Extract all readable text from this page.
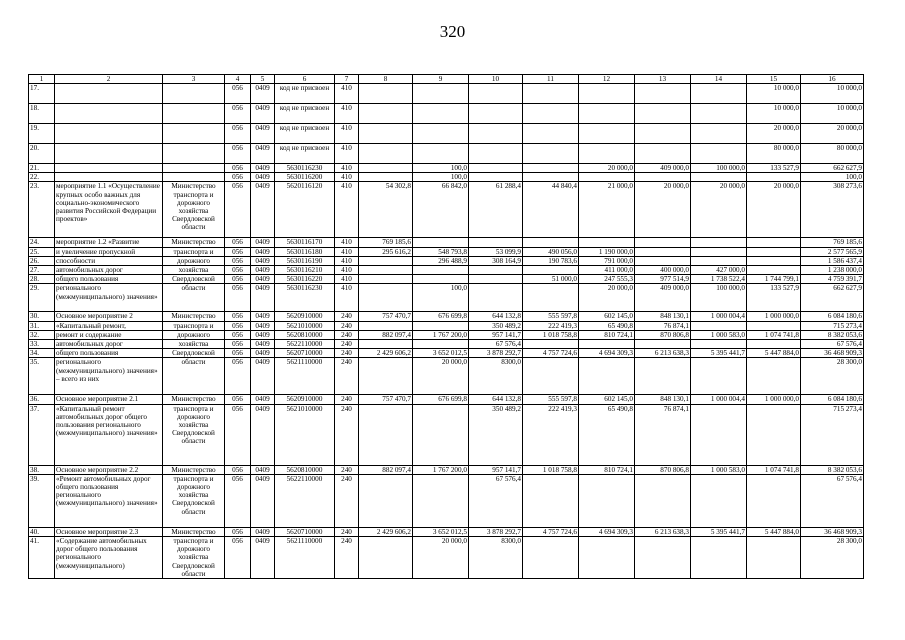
320
1	2	3	4	5	6	7	8	9	10	11	12	13	14	15	16
17.			056	0409	код не присвоен	410								10 000,0	10 000,0
18.			056	0409	код не присвоен	410								10 000,0	10 000,0
19.			056	0409	код не присвоен	410								20 000,0	20 000,0
20.			056	0409	код не присвоен	410								80 000,0	80 000,0
21.			056	0409	5630116230	410		100,0			20 000,0	409 000,0	100 000,0	133 527,9	662 627,9
22.			056	0409	5630116200	410		100,0							100,0
23.	мероприятие 1.1 «Осуществление крупных особо важных для социально-экономического развития Российской Федерации проектов»	Министерство транспорта и дорожного хозяйства Свердловской области	056	0409	5620116120	410	54 302,8	66 842,0	61 288,4	44 840,4	21 000,0	20 000,0	20 000,0	20 000,0	308 273,6
24.	мероприятие 1.2 «Развитие	Министерство	056	0409	5630116170	410	769 185,6								769 185,6
25.	и увеличение пропускной	транспорта и	056	0409	5630116180	410	295 616,2	548 793,8	53 099,9	490 056,0	1 190 000,0				2 577 565,9
26.	способности	дорожного	056	0409	5630116190	410		296 488,9	308 164,9	190 783,6	791 000,0				1 586 437,4
27.	автомобильных дорог	хозяйства	056	0409	5630116210	410					411 000,0	400 000,0	427 000,0		1 238 000,0
28.	общего пользования	Свердловской	056	0409	5630116220	410				51 000,0	247 555,3	977 514,9	1 738 522,4	1 744 799,1	4 759 391,7
29.	регионального (межмуниципального) значения»	области	056	0409	5630116230	410		100,0			20 000,0	409 000,0	100 000,0	133 527,9	662 627,9
30.	Основное мероприятие 2	Министерство	056	0409	5620910000	240	757 470,7	676 699,8	644 132,8	555 597,8	602 145,0	848 130,1	1 000 004,4	1 000 000,0	6 084 180,6
31.	«Капитальный ремонт,	транспорта и	056	0409	5621010000	240			350 489,2	222 419,3	65 490,8	76 874,1			715 273,4
32.	ремонт и содержание	дорожного	056	0409	5620810000	240	882 097,4	1 767 200,0	957 141,7	1 018 758,8	810 724,1	870 806,8	1 000 583,0	1 074 741,8	8 382 053,6
33.	автомобильных дорог	хозяйства	056	0409	5622110000	240			67 576,4						67 576,4
34.	общего пользования	Свердловской	056	0409	5620710000	240	2 429 606,2	3 652 012,5	3 878 292,7	4 757 724,6	4 694 309,3	6 213 638,3	5 395 441,7	5 447 884,0	36 468 909,3
35.	регионального (межмуниципального) значения» – всего из них	области	056	0409	5621110000	240		20 000,0	8300,0						28 300,0
36.	Основное мероприятие 2.1	Министерство	056	0409	5620910000	240	757 470,7	676 699,8	644 132,8	555 597,8	602 145,0	848 130,1	1 000 004,4	1 000 000,0	6 084 180,6
37.	«Капитальный ремонт автомобильных дорог общего пользования регионального (межмуниципального) значения»	транспорта и дорожного хозяйства Свердловской области	056	0409	5621010000	240			350 489,2	222 419,3	65 490,8	76 874,1			715 273,4
38.	Основное мероприятие 2.2	Министерство	056	0409	5620810000	240	882 097,4	1 767 200,0	957 141,7	1 018 758,8	810 724,1	870 806,8	1 000 583,0	1 074 741,8	8 382 053,6
39.	«Ремонт автомобильных дорог общего пользования регионального (межмуниципального) значения»	транспорта и дорожного хозяйства Свердловской области	056	0409	5622110000	240			67 576,4						67 576,4
40.	Основное мероприятие 2.3	Министерство	056	0409	5620710000	240	2 429 606,2	3 652 012,5	3 878 292,7	4 757 724,6	4 694 309,3	6 213 638,3	5 395 441,7	5 447 884,0	36 468 909,3
41.	«Содержание автомобильных дорог общего пользования регионального (межмуниципального)	транспорта и дорожного хозяйства Свердловской области	056	0409	5621110000	240		20 000,0	8300,0						28 300,0
